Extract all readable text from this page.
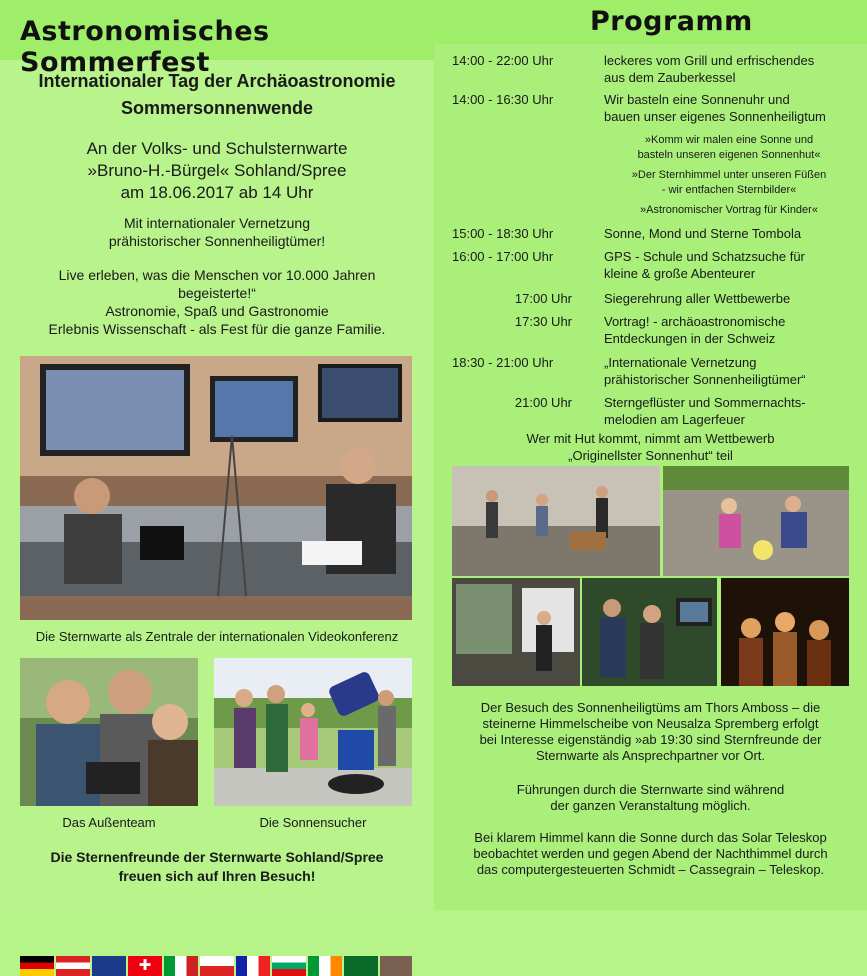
Astronomisches Sommerfest
Internationaler Tag der Archäoastronomie
Sommersonnenwende
An der Volks- und Schulsternwarte
»Bruno-H.-Bürgel« Sohland/Spree
am 18.06.2017 ab 14 Uhr
Mit internationaler Vernetzung
prähistorischer Sonnenheiligtümer!
Live erleben, was die Menschen vor 10.000 Jahren
begeisterte!“
Astronomie, Spaß und Gastronomie
Erlebnis Wissenschaft - als Fest für die ganze Familie.
✚
Die Sternwarte als Zentrale der internationalen Videokonferenz
Das Außenteam	Die Sonnensucher
Die Sternenfreunde der Sternwarte Sohland/Spree
freuen sich auf Ihren Besuch!
Programm
14:00 - 22:00 Uhr	leckeres vom Grill und erfrischendes
aus dem Zauberkessel
14:00 - 16:30 Uhr	Wir basteln eine Sonnenuhr und
bauen unser eigenes Sonnenheiligtum
»Komm wir malen eine Sonne und
basteln unseren eigenen Sonnenhut«
»Der Sternhimmel unter unseren Füßen
- wir entfachen Sternbilder«
»Astronomischer Vortrag für Kinder«
15:00 - 18:30 Uhr	Sonne, Mond und Sterne Tombola
16:00 - 17:00 Uhr	GPS - Schule und Schatzsuche für
kleine & große Abenteurer
17:00 Uhr Siegerehrung aller Wettbewerbe
17:30 Uhr Vortrag! - archäoastronomische
Entdeckungen in der Schweiz
18:30 - 21:00 Uhr	„Internationale Vernetzung
prähistorischer Sonnenheiligtümer“
21:00 Uhr Sterngeflüster und Sommernachts-
melodien am Lagerfeuer
Wer mit Hut kommt, nimmt am Wettbewerb
„Originellster Sonnenhut“ teil
Der Besuch des Sonnenheiligtüms am Thors Amboss – die
steinerne Himmelscheibe von Neusalza Spremberg erfolgt
bei Interesse eigenständig »ab 19:30 sind Sternfreunde der
Sternwarte als Ansprechpartner vor Ort.
Führungen durch die Sternwarte sind während
der ganzen Veranstaltung möglich.
Bei klarem Himmel kann die Sonne durch das Solar Teleskop
beobachtet werden und gegen Abend der Nachthimmel durch
das computergesteuerten Schmidt – Cassegrain – Teleskop.
